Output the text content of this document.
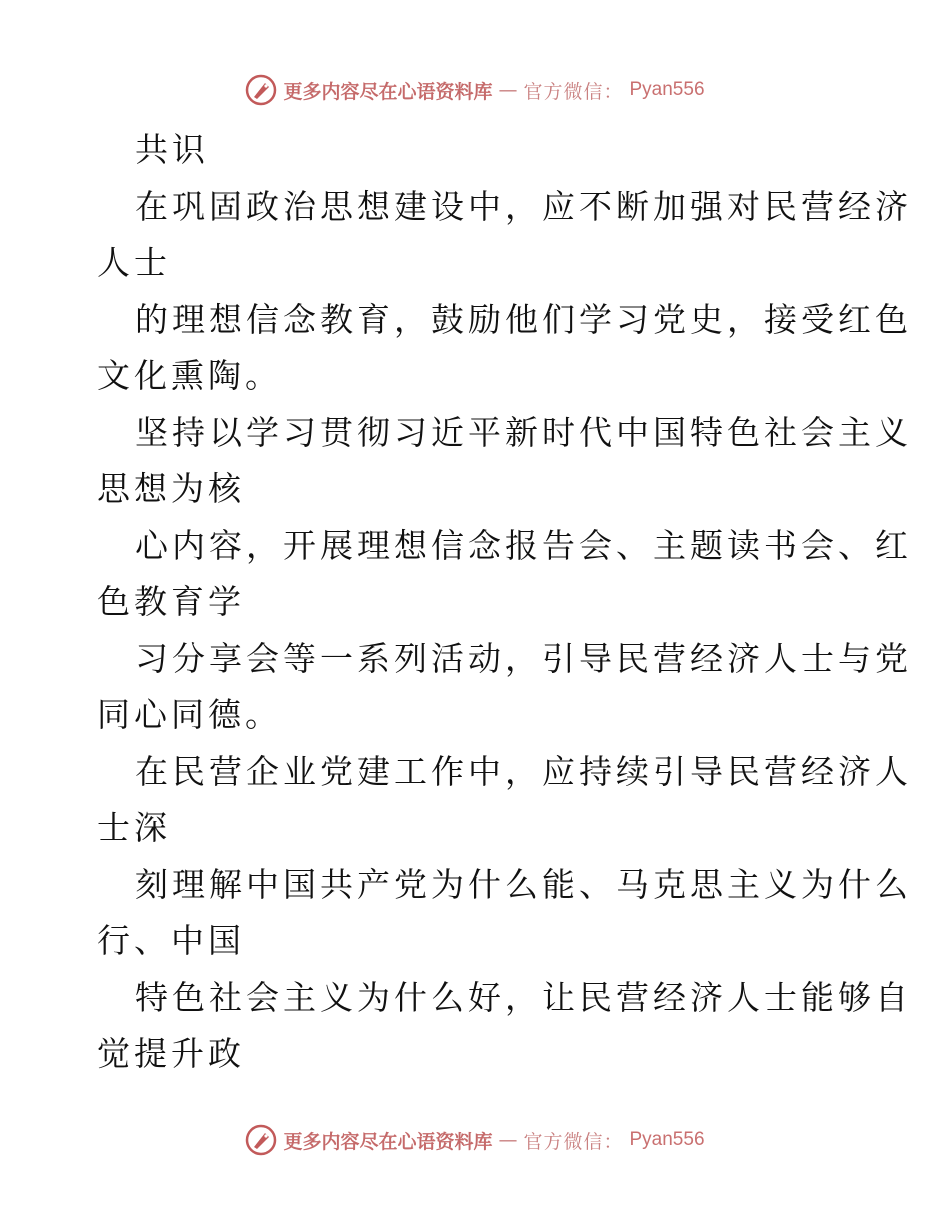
更多内容尽在心语资料库 — 官方微信： Pyan556
共识
在巩固政治思想建设中，应不断加强对民营经济
人士
的理想信念教育，鼓励他们学习党史，接受红色
文化熏陶。
坚持以学习贯彻习近平新时代中国特色社会主义
思想为核
心内容，开展理想信念报告会、主题读书会、红
色教育学
习分享会等一系列活动，引导民营经济人士与党
同心同德。
在民营企业党建工作中，应持续引导民营经济人
士深
刻理解中国共产党为什么能、马克思主义为什么
行、中国
特色社会主义为什么好，让民营经济人士能够自
觉提升政
更多内容尽在心语资料库 — 官方微信： Pyan556
